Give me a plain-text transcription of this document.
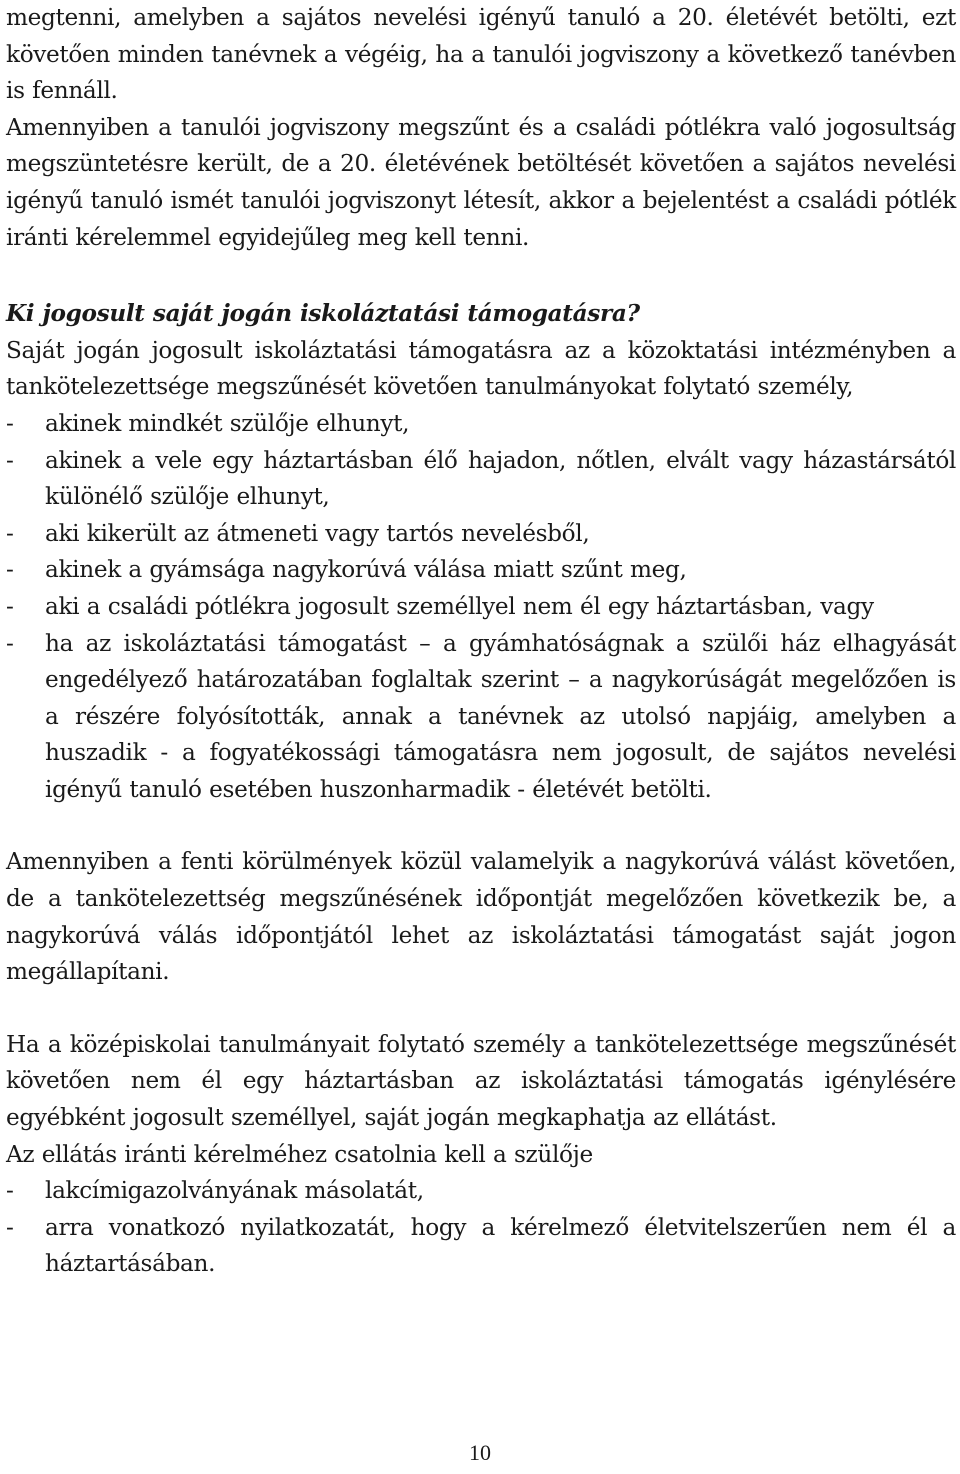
megtenni, amelyben a sajátos nevelési igényű tanuló a 20. életévét betölti, ezt követően minden tanévnek a végéig, ha a tanulói jogviszony a következő tanévben is fennáll.

Amennyiben a tanulói jogviszony megszűnt és a családi pótlékra való jogosultság megszüntetésre került, de a 20. életévének betöltését követően a sajátos nevelési igényű tanuló ismét tanulói jogviszonyt létesít, akkor a bejelentést a családi pótlék iránti kérelemmel egyidejűleg meg kell tenni.

Ki jogosult saját jogán iskoláztatási támogatásra?

Saját jogán jogosult iskoláztatási támogatásra az a közoktatási intézményben a tankötelezettsége megszűnését követően tanulmányokat folytató személy,

-	akinek mindkét szülője elhunyt,

-	akinek a vele egy háztartásban élő hajadon, nőtlen, elvált vagy házastársától különélő szülője elhunyt,

-	aki kikerült az átmeneti vagy tartós nevelésből,

-	akinek a gyámsága nagykorúvá válása miatt szűnt meg,

-	aki a családi pótlékra jogosult személlyel nem él egy háztartásban, vagy

-	ha az iskoláztatási támogatást – a gyámhatóságnak a szülői ház elhagyását engedélyező határozatában foglaltak szerint – a nagykorúságát megelőzően is a részére folyósították, annak a tanévnek az utolsó napjáig, amelyben a huszadik - a fogyatékossági támogatásra nem jogosult, de sajátos nevelési igényű tanuló esetében huszonharmadik - életévét betölti.

Amennyiben a fenti körülmények közül valamelyik a nagykorúvá válást követően, de a tankötelezettség megszűnésének időpontját megelőzően következik be, a nagykorúvá válás időpontjától lehet az iskoláztatási támogatást saját jogon megállapítani.

Ha a középiskolai tanulmányait folytató személy a tankötelezettsége megszűnését követően nem él egy háztartásban az iskoláztatási támogatás igénylésére egyébként jogosult személlyel, saját jogán megkaphatja az ellátást.

Az ellátás iránti kérelméhez csatolnia kell a szülője

-	lakcímigazolványának másolatát,

-	arra vonatkozó nyilatkozatát, hogy a kérelmező életvitelszerűen nem él a háztartásában.

10
